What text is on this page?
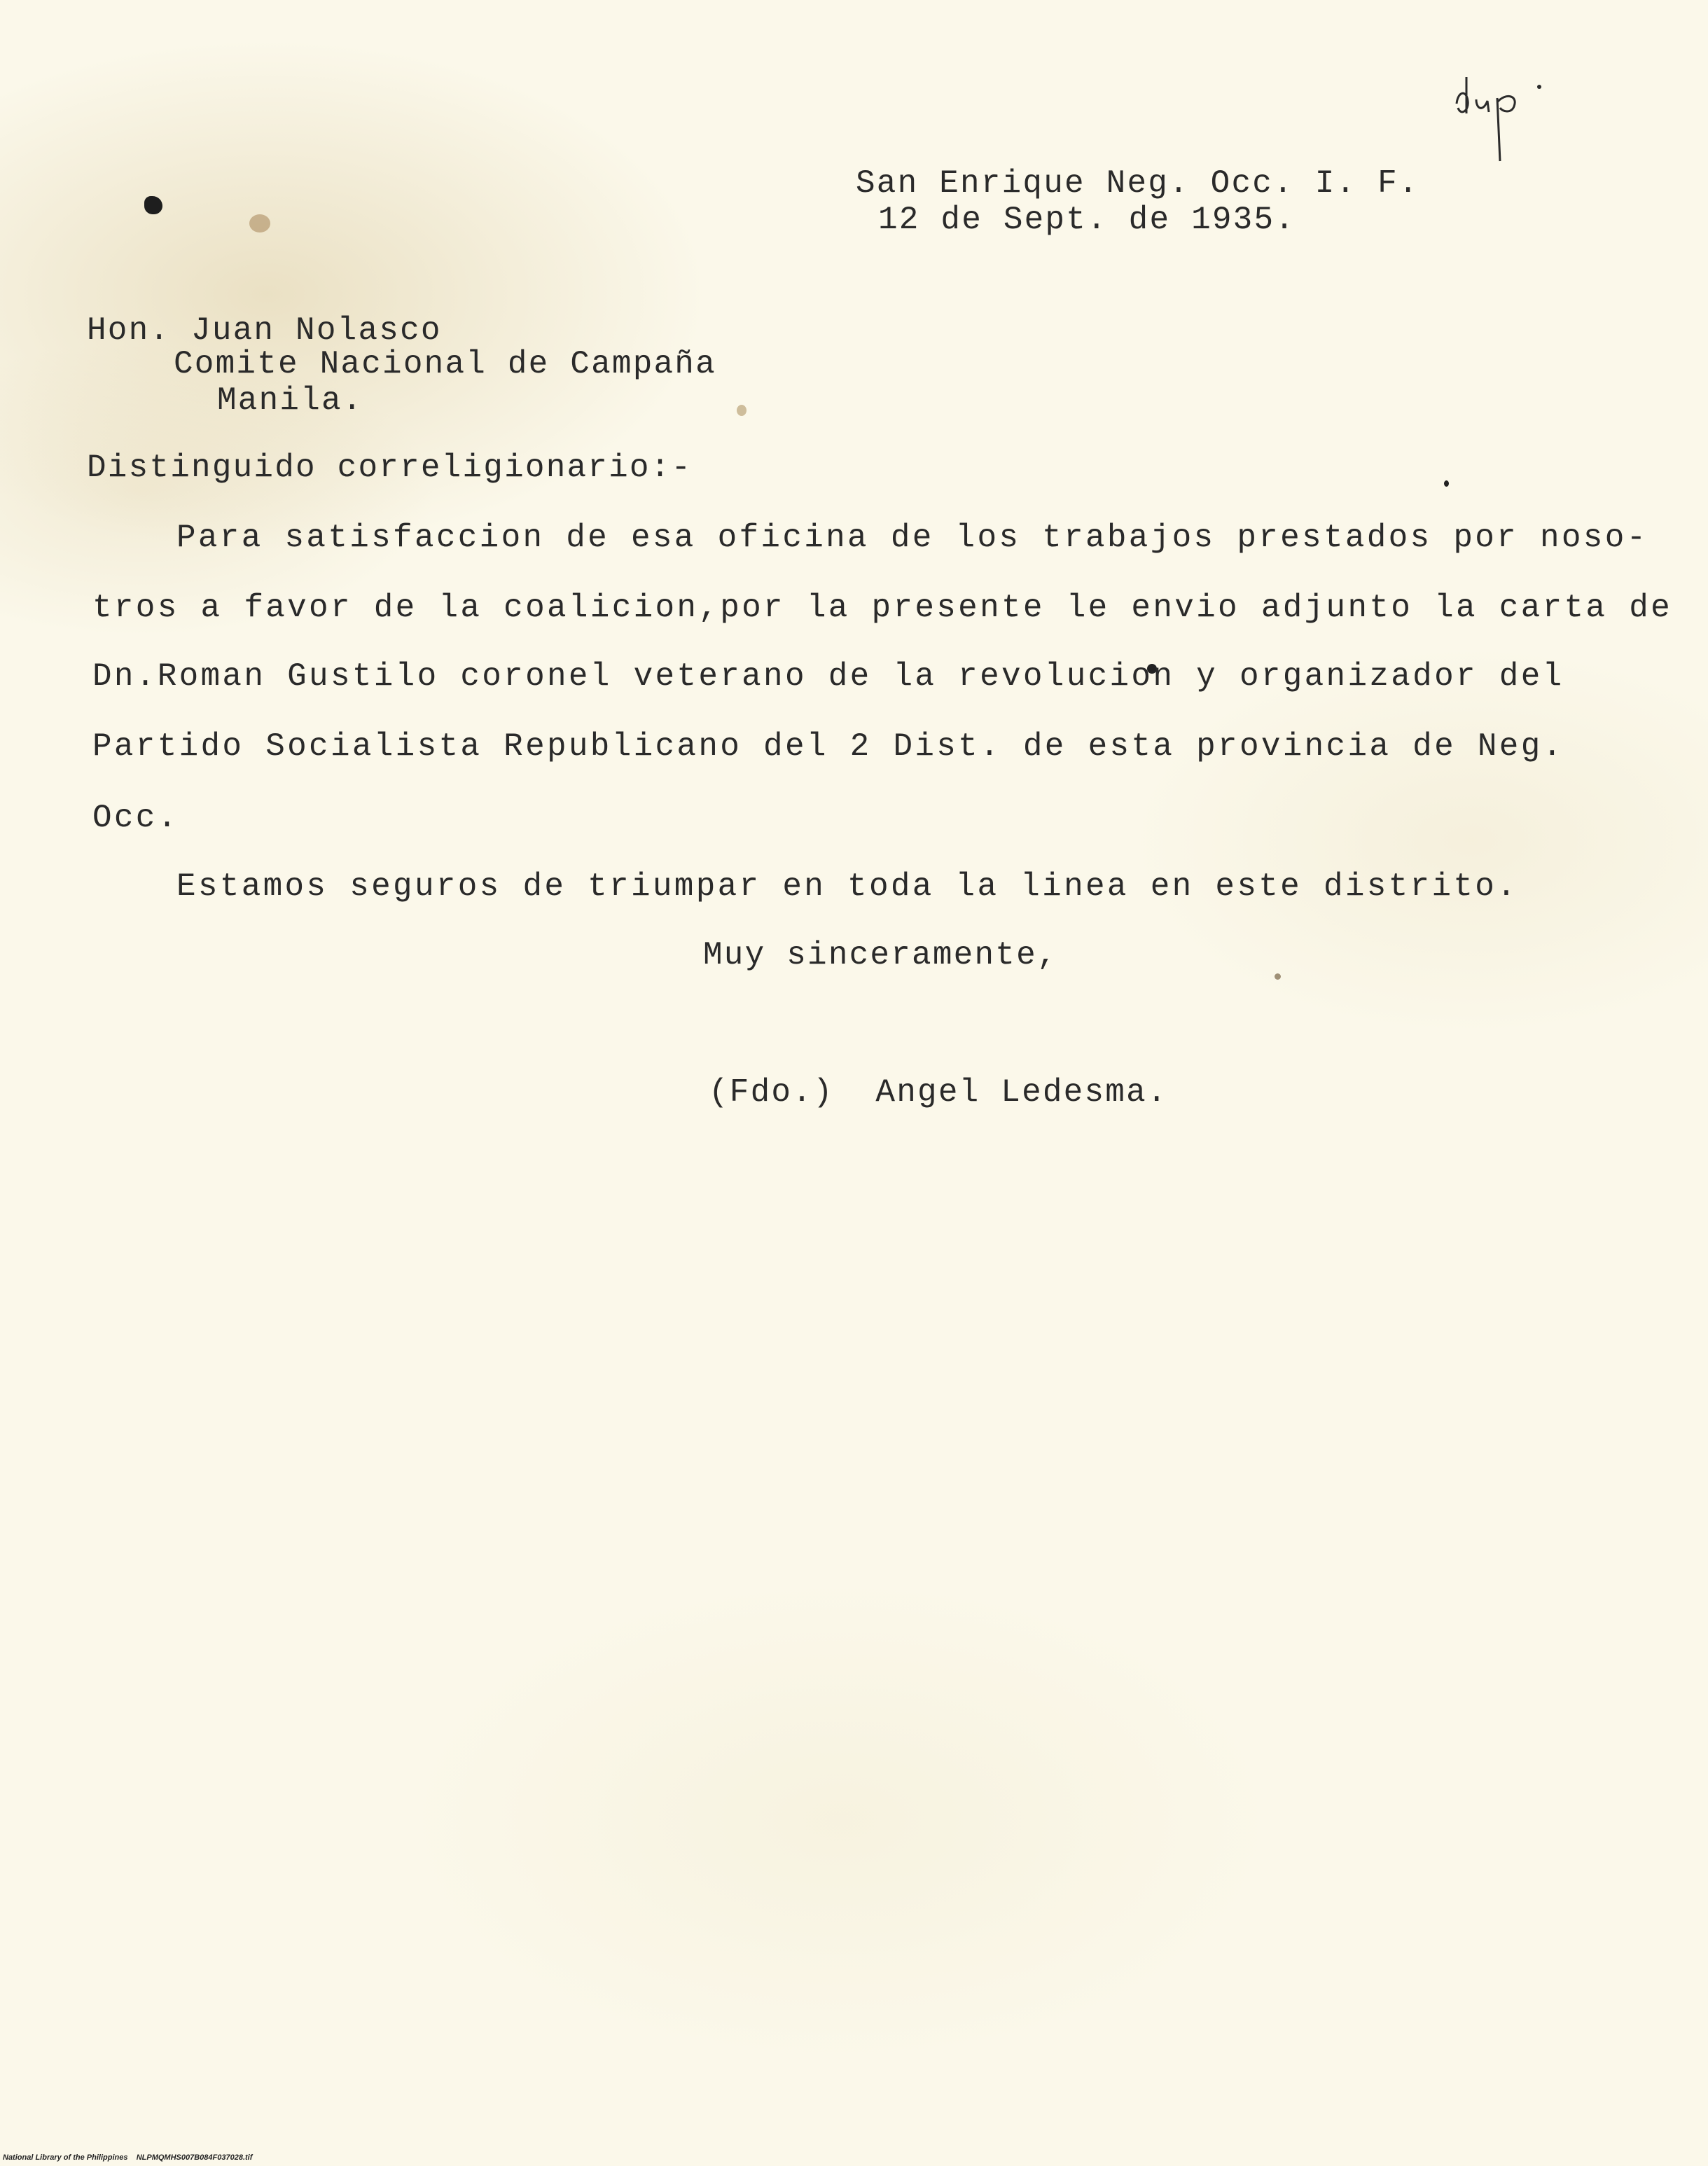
San Enrique Neg. Occ. I. F.
12 de Sept. de 1935.
Hon. Juan Nolasco
Comite Nacional de Campaña
Manila.
Distinguido correligionario:-
Para satisfaccion de esa oficina de los trabajos prestados por noso-
tros a favor de la coalicion,por la presente le envio adjunto la carta de
Dn.Roman Gustilo coronel veterano de la revolucion y organizador del
Partido Socialista Republicano del 2 Dist. de esta provincia de Neg.
Occ.
Estamos seguros de triumpar en toda la linea en este distrito.
Muy sinceramente,
(Fdo.)  Angel Ledesma.
National Library of the Philippines NLPMQMHS007B084F037028.tif
